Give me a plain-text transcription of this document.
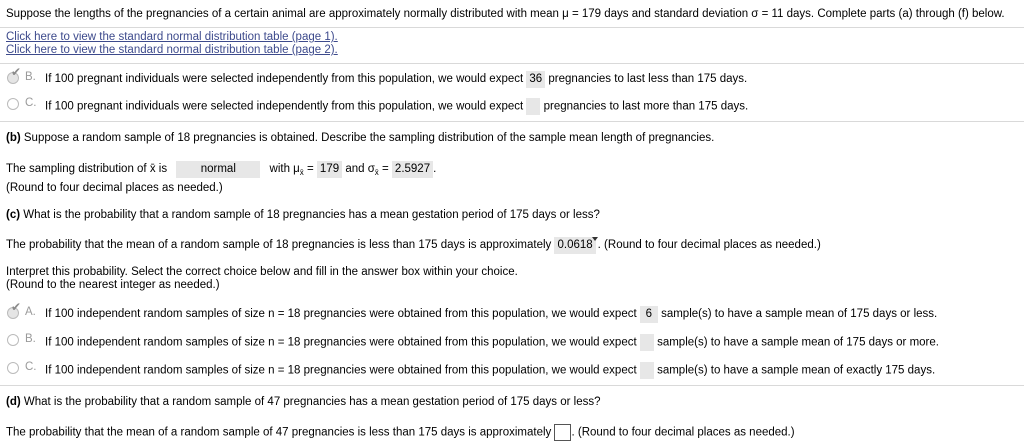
Suppose the lengths of the pregnancies of a certain animal are approximately normally distributed with mean μ = 179 days and standard deviation σ = 11 days. Complete parts (a) through (f) below.
Click here to view the standard normal distribution table (page 1).
Click here to view the standard normal distribution table (page 2).
✔ B. If 100 pregnant individuals were selected independently from this population, we would expect 36 pregnancies to last less than 175 days.
C. If 100 pregnant individuals were selected independently from this population, we would expect pregnancies to last more than 175 days.
(b) Suppose a random sample of 18 pregnancies is obtained. Describe the sampling distribution of the sample mean length of pregnancies.
The sampling distribution of x̄ is	normal	with $\mu_{x̄} = 179$ and $\sigma_{x̄} = 2.5927$ .
(Round to four decimal places as needed.)
(c) What is the probability that a random sample of 18 pregnancies has a mean gestation period of 175 days or less?
The probability that the mean of a random sample of 18 pregnancies is less than 175 days is approximately 0.0618 . (Round to four decimal places as needed.)
Interpret this probability. Select the correct choice below and fill in the answer box within your choice.
(Round to the nearest integer as needed.)
✔ A. If 100 independent random samples of size n = 18 pregnancies were obtained from this population, we would expect 6 sample(s) to have a sample mean of 175 days or less.
B. If 100 independent random samples of size n = 18 pregnancies were obtained from this population, we would expect sample(s) to have a sample mean of 175 days or more.
C. If 100 independent random samples of size n = 18 pregnancies were obtained from this population, we would expect sample(s) to have a sample mean of exactly 175 days.
(d) What is the probability that a random sample of 47 pregnancies has a mean gestation period of 175 days or less?
The probability that the mean of a random sample of 47 pregnancies is less than 175 days is approximately . (Round to four decimal places as needed.)
